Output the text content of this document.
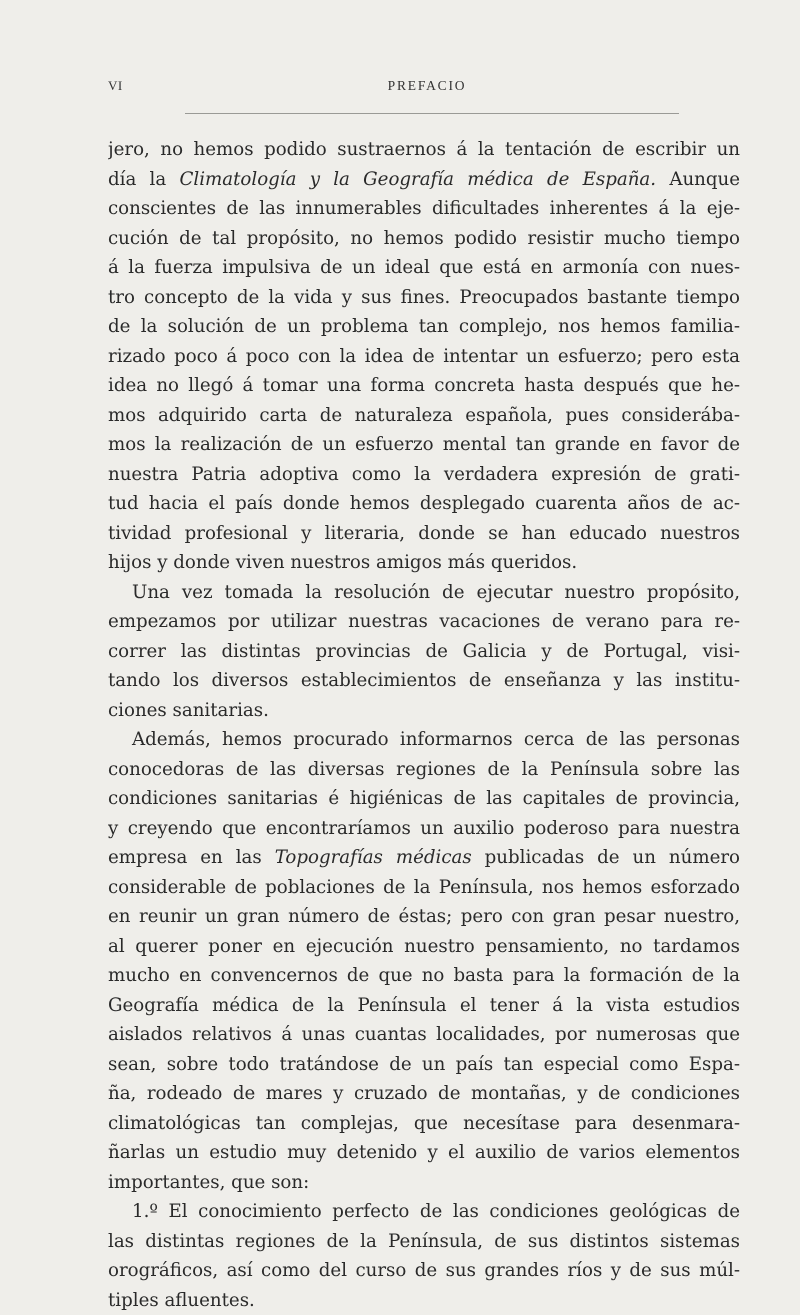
VI	PREFACIO
jero, no hemos podido sustraernos á la tentación de escribir un
día la Climatología y la Geografía médica de España. Aunque
conscientes de las innumerables dificultades inherentes á la eje-
cución de tal propósito, no hemos podido resistir mucho tiempo
á la fuerza impulsiva de un ideal que está en armonía con nues-
tro concepto de la vida y sus fines. Preocupados bastante tiempo
de la solución de un problema tan complejo, nos hemos familia-
rizado poco á poco con la idea de intentar un esfuerzo; pero esta
idea no llegó á tomar una forma concreta hasta después que he-
mos adquirido carta de naturaleza española, pues considerába-
mos la realización de un esfuerzo mental tan grande en favor de
nuestra Patria adoptiva como la verdadera expresión de grati-
tud hacia el país donde hemos desplegado cuarenta años de ac-
tividad profesional y literaria, donde se han educado nuestros
hijos y donde viven nuestros amigos más queridos.
Una vez tomada la resolución de ejecutar nuestro propósito,
empezamos por utilizar nuestras vacaciones de verano para re-
correr las distintas provincias de Galicia y de Portugal, visi-
tando los diversos establecimientos de enseñanza y las institu-
ciones sanitarias.
Además, hemos procurado informarnos cerca de las personas
conocedoras de las diversas regiones de la Península sobre las
condiciones sanitarias é higiénicas de las capitales de provincia,
y creyendo que encontraríamos un auxilio poderoso para nuestra
empresa en las Topografías médicas publicadas de un número
considerable de poblaciones de la Península, nos hemos esforzado
en reunir un gran número de éstas; pero con gran pesar nuestro,
al querer poner en ejecución nuestro pensamiento, no tardamos
mucho en convencernos de que no basta para la formación de la
Geografía médica de la Península el tener á la vista estudios
aislados relativos á unas cuantas localidades, por numerosas que
sean, sobre todo tratándose de un país tan especial como Espa-
ña, rodeado de mares y cruzado de montañas, y de condiciones
climatológicas tan complejas, que necesítase para desenmara-
ñarlas un estudio muy detenido y el auxilio de varios elementos
importantes, que son:
1.º El conocimiento perfecto de las condiciones geológicas de
las distintas regiones de la Península, de sus distintos sistemas
orográficos, así como del curso de sus grandes ríos y de sus múl-
tiples afluentes.
